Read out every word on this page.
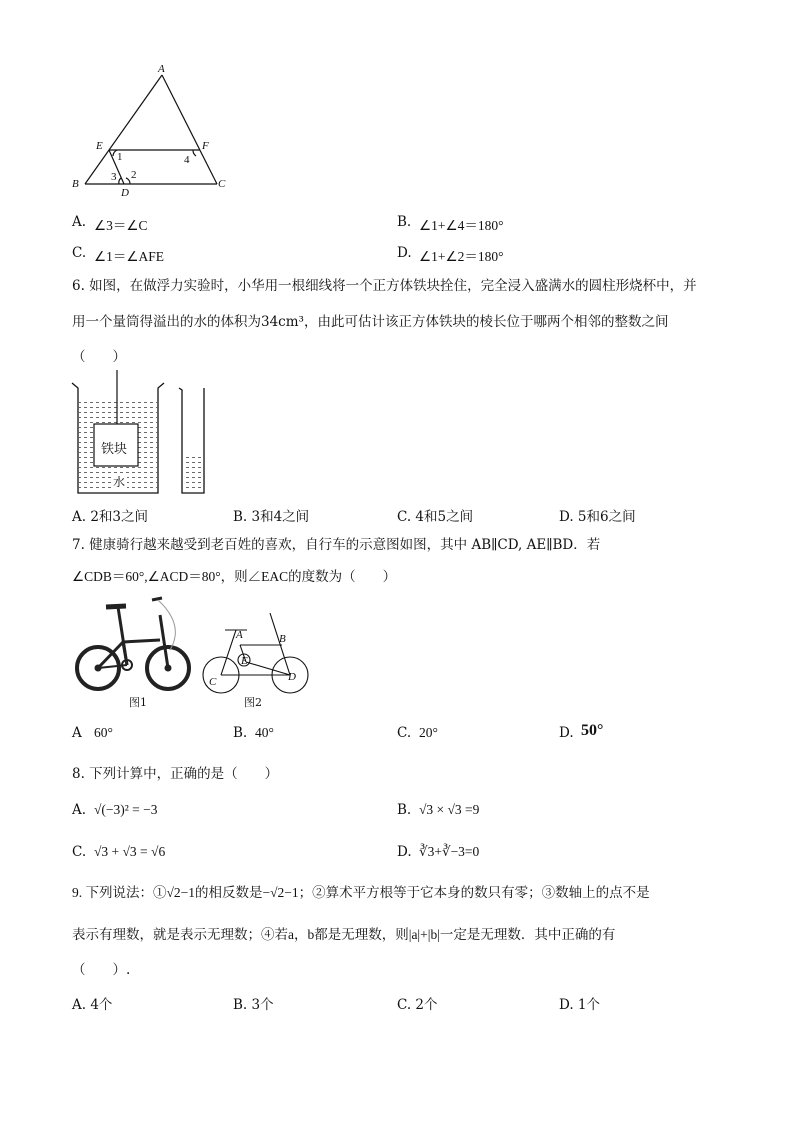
A
E	F
B	C
D
1	4
3 2
A. ∠3＝∠C	B. ∠1+∠4＝180°
C. ∠1＝∠AFE	D. ∠1+∠2＝180°
6. 如图，在做浮力实验时，小华用一根细线将一个正方体铁块拴住，完全浸入盛满水的圆柱形烧杯中，并
用一个量筒得溢出的水的体积为34cm³，由此可估计该正方体铁块的棱长位于哪两个相邻的整数之间
（　　）
铁块
水
A. 2和3之间	B. 3和4之间	C. 4和5之间	D. 5和6之间
7. 健康骑行越来越受到老百姓的喜欢，自行车的示意图如图，其中 AB∥CD, AE∥BD．若
∠CDB＝60°,∠ACD＝80°，则∠EAC的度数为（　　）
图1
A	B
C	D
E
图2
A 60°	B. 40°	C. 20°	D. 50°
8. 下列计算中，正确的是（　　）
A. √(−3)² = −3	B. √3 × √3 =9
C. √3 + √3 = √6	D. ∛3+∛−3=0
9. 下列说法：①√2−1的相反数是−√2−1；②算术平方根等于它本身的数只有零；③数轴上的点不是
表示有理数，就是表示无理数；④若a，b都是无理数，则|a|+|b|一定是无理数．其中正确的有
（　　）.
A. 4个	B. 3个	C. 2个	D. 1个
